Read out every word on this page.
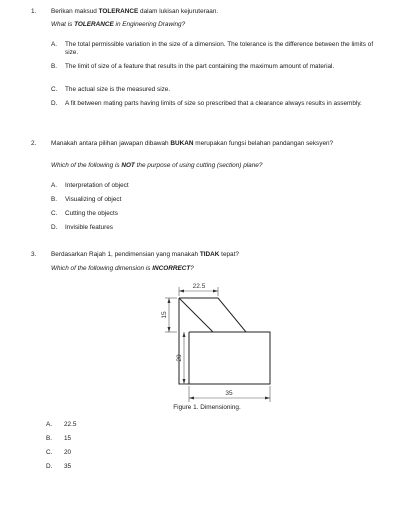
1. Berikan maksud TOLERANCE dalam lukisan kejuruteraan.
What is TOLERANCE in Engineering Drawing?
A. The total permissible variation in the size of a dimension. The tolerance is the difference between the limits of size.
B. The limit of size of a feature that results in the part containing the maximum amount of material.
C. The actual size is the measured size.
D. A fit between mating parts having limits of size so prescribed that a clearance always results in assembly.
2. Manakah antara pilihan jawapan dibawah BUKAN merupakan fungsi belahan pandangan seksyen?
Which of the following is NOT the purpose of using cutting (section) plane?
A. Interpretation of object
B. Visualizing of object
C. Cutting the objects
D. Invisible features
3. Berdasarkan Rajah 1, pendimensian yang manakah TIDAK tepat?
Which of the following dimension is INCORRECT?
22.5
15
20
35
Figure 1. Dimensioning.
A. 22.5
B. 15
C. 20
D. 35
